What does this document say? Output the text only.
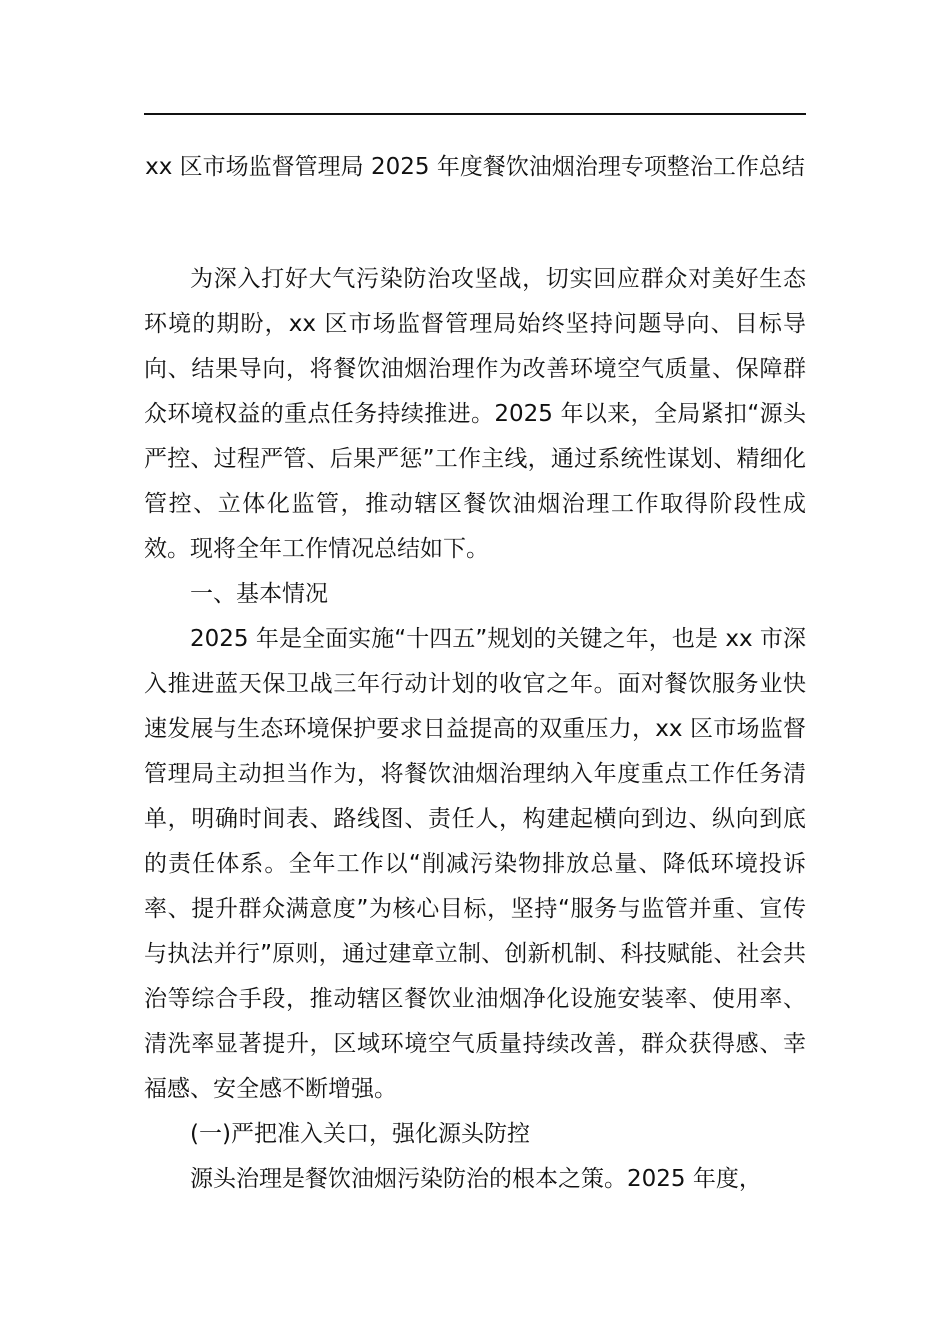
xx 区市场监督管理局 2025 年度餐饮油烟治理专项整治工作总结

为深入打好大气污染防治攻坚战，切实回应群众对美好生态环境的期盼，xx 区市场监督管理局始终坚持问题导向、目标导向、结果导向，将餐饮油烟治理作为改善环境空气质量、保障群众环境权益的重点任务持续推进。2025 年以来，全局紧扣“源头严控、过程严管、后果严惩”工作主线，通过系统性谋划、精细化管控、立体化监管，推动辖区餐饮油烟治理工作取得阶段性成效。现将全年工作情况总结如下。

一、基本情况

2025 年是全面实施“十四五”规划的关键之年，也是 xx 市深入推进蓝天保卫战三年行动计划的收官之年。面对餐饮服务业快速发展与生态环境保护要求日益提高的双重压力，xx 区市场监督管理局主动担当作为，将餐饮油烟治理纳入年度重点工作任务清单，明确时间表、路线图、责任人，构建起横向到边、纵向到底的责任体系。全年工作以“削减污染物排放总量、降低环境投诉率、提升群众满意度”为核心目标，坚持“服务与监管并重、宣传与执法并行”原则，通过建章立制、创新机制、科技赋能、社会共治等综合手段，推动辖区餐饮业油烟净化设施安装率、使用率、清洗率显著提升，区域环境空气质量持续改善，群众获得感、幸福感、安全感不断增强。

(一)严把准入关口，强化源头防控

源头治理是餐饮油烟污染防治的根本之策。2025 年度，
